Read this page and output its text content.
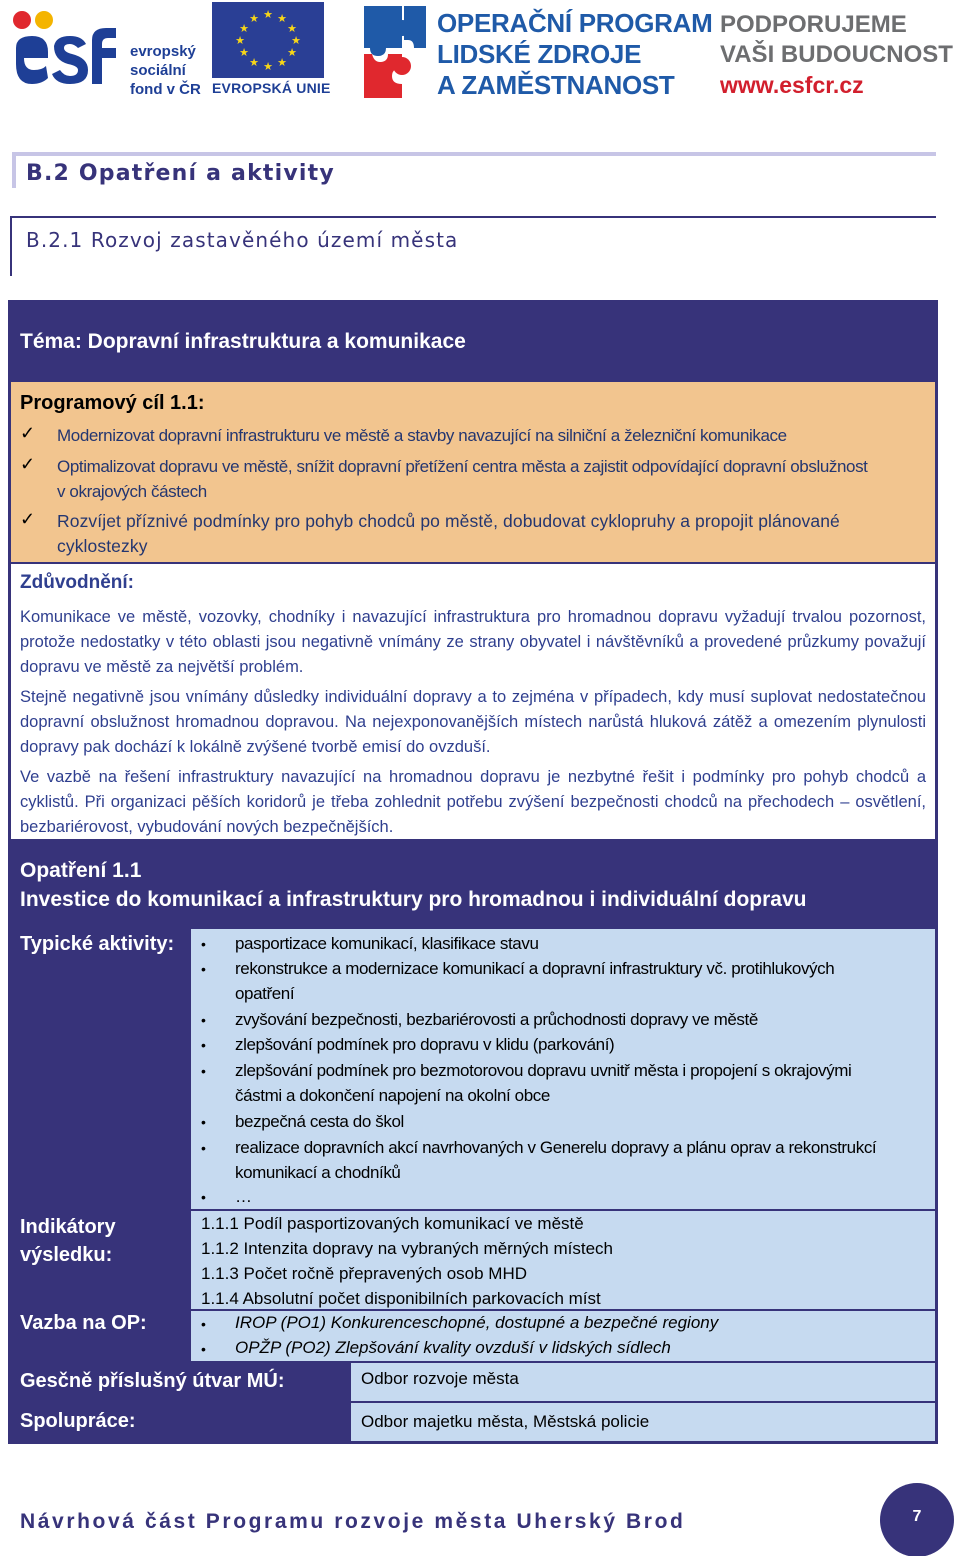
evropský
sociální
fond v ČR
★ ★
★
★
★
★
★
★
★
★
★
★
EVROPSKÁ UNIE
OPERAČNÍ PROGRAM
LIDSKÉ ZDROJE
A ZAMĚSTNANOST
PODPORUJEME
VAŠI BUDOUCNOST
www.esfcr.cz
B.2 Opatření a aktivity
B.2.1 Rozvoj zastavěného území města
Téma: Dopravní infrastruktura a komunikace
Programový cíl 1.1:
✓ Modernizovat dopravní infrastrukturu ve městě a stavby navazující na silniční a železniční komunikace
✓ Optimalizovat dopravu ve městě, snížit dopravní přetížení centra města a zajistit odpovídající dopravní obslužnost
v okrajových částech
✓ Rozvíjet příznivé podmínky pro pohyb chodců po městě, dobudovat cyklopruhy a propojit plánované
cyklostezky
Zdůvodnění:

Komunikace ve městě, vozovky, chodníky i navazující infrastruktura pro hromadnou dopravu vyžadují trvalou pozornost, protože nedostatky v této oblasti jsou negativně vnímány ze strany obyvatel i návštěvníků a provedené průzkumy považují dopravu ve městě za největší problém.

Stejně negativně jsou vnímány důsledky individuální dopravy a to zejména v případech, kdy musí suplovat nedostatečnou dopravní obslužnost hromadnou dopravou. Na nejexponovanějších místech narůstá hluková zátěž a omezením plynulosti dopravy pak dochází k lokálně zvýšené tvorbě emisí do ovzduší.

Ve vazbě na řešení infrastruktury navazující na hromadnou dopravu je nezbytné řešit i podmínky pro pohyb chodců a cyklistů. Při organizaci pěších koridorů je třeba zohlednit potřebu zvýšení bezpečnosti chodců na přechodech – osvětlení, bezbariérovost, vybudování nových bezpečnějších.

Opatření 1.1
Investice do komunikací a infrastruktury pro hromadnou i individuální dopravu
Typické aktivity: • pasportizace komunikací, klasifikace stavu
• rekonstrukce a modernizace komunikací a dopravní infrastruktury vč. protihlukových
opatření
• zvyšování bezpečnosti, bezbariérovosti a průchodnosti dopravy ve městě
• zlepšování podmínek pro dopravu v klidu (parkování)
• zlepšování podmínek pro bezmotorovou dopravu uvnitř města i propojení s okrajovými
částmi a dokončení napojení na okolní obce
• bezpečná cesta do škol
• realizace dopravních akcí navrhovaných v Generelu dopravy a plánu oprav a rekonstrukcí
komunikací a chodníků
• …
Indikátory
výsledku:
1.1.1 Podíl pasportizovaných komunikací ve městě
1.1.2 Intenzita dopravy na vybraných měrných místech
1.1.3 Počet ročně přepravených osob MHD
1.1.4 Absolutní počet disponibilních parkovacích míst
Vazba na OP:	• IROP (PO1) Konkurenceschopné, dostupné a bezpečné regiony
• OPŽP (PO2) Zlepšování kvality ovzduší v lidských sídlech
Gesčně příslušný útvar MÚ:	Odbor rozvoje města
Spolupráce:	Odbor majetku města, Městská policie
Návrhová část Programu rozvoje města Uherský Brod	7
